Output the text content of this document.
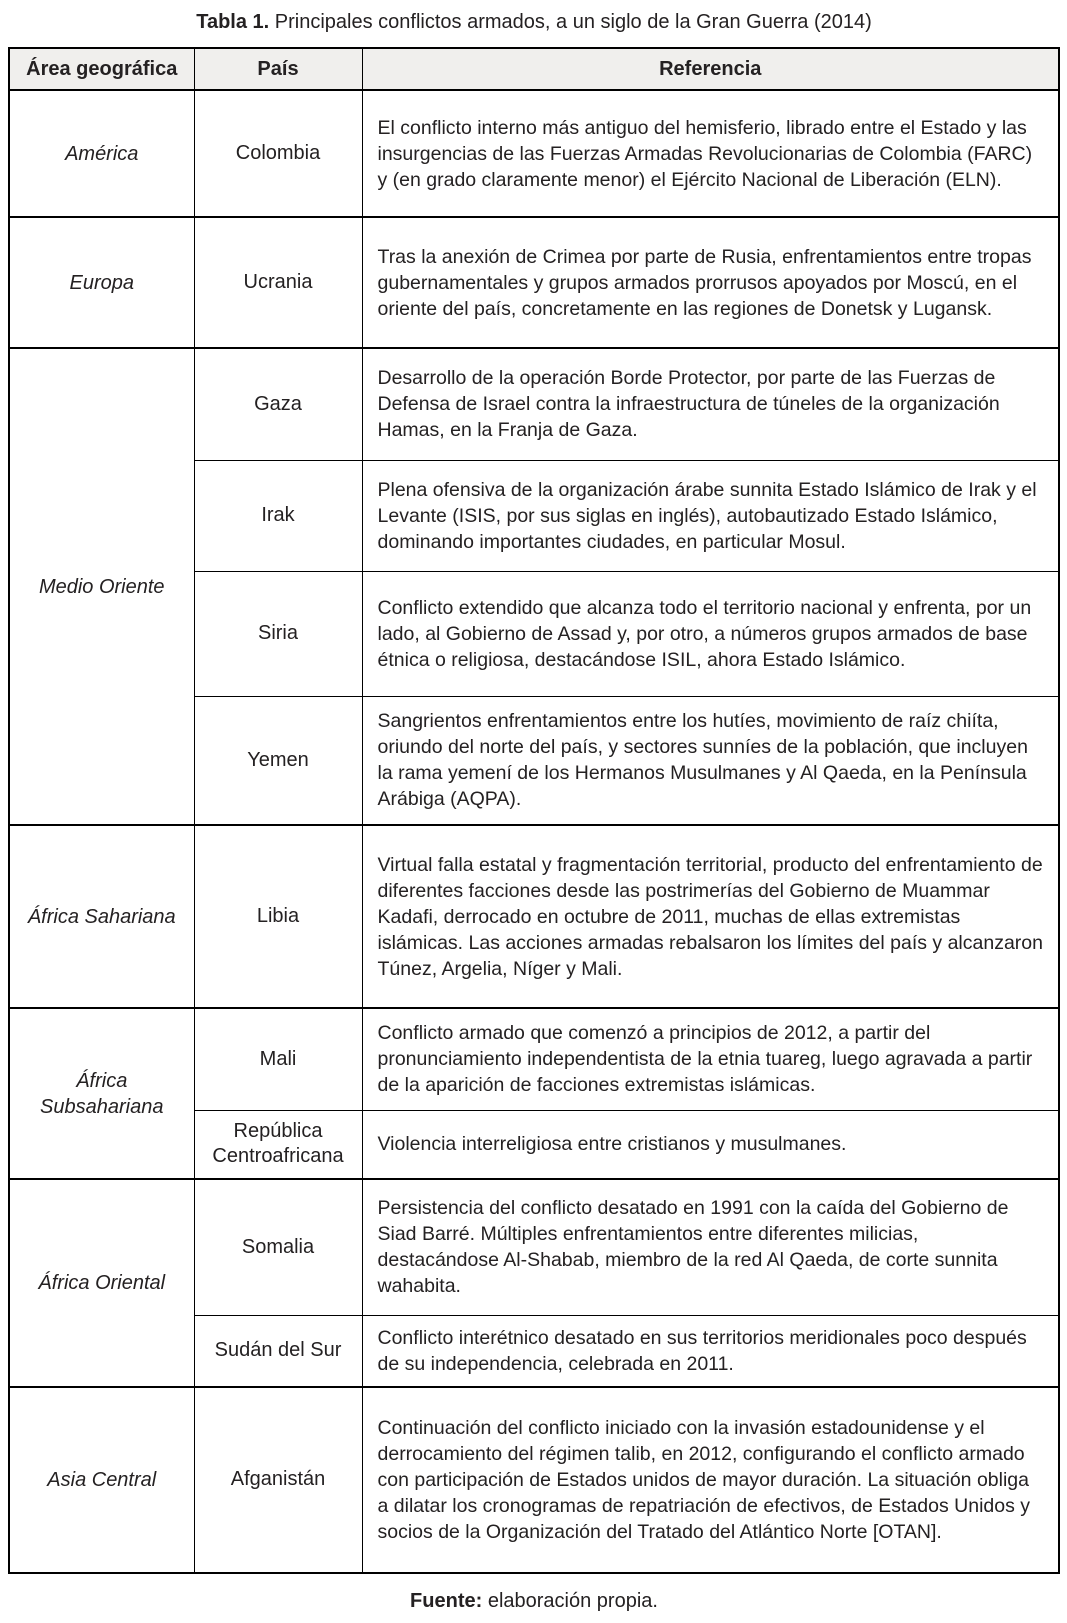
Tabla 1. Principales conflictos armados, a un siglo de la Gran Guerra (2014)
Área geográfica	País	Referencia
América	Colombia	El conflicto interno más antiguo del hemisferio, librado entre el Estado y las insurgencias de las Fuerzas Armadas Revolucionarias de Colombia (FARC) y (en grado claramente menor) el Ejército Nacional de Liberación (ELN).
Europa	Ucrania	Tras la anexión de Crimea por parte de Rusia, enfrentamientos entre tropas gubernamentales y grupos armados prorrusos apoyados por Moscú, en el oriente del país, concretamente en las regiones de Donetsk y Lugansk.
Medio Oriente	Gaza	Desarrollo de la operación Borde Protector, por parte de las Fuerzas de Defensa de Israel contra la infraestructura de túneles de la organización Hamas, en la Franja de Gaza.
	Irak	Plena ofensiva de la organización árabe sunnita Estado Islámico de Irak y el Levante (ISIS, por sus siglas en inglés), autobautizado Estado Islámico, dominando importantes ciudades, en particular Mosul.
	Siria	Conflicto extendido que alcanza todo el territorio nacional y enfrenta, por un lado, al Gobierno de Assad y, por otro, a números grupos armados de base étnica o religiosa, destacándose ISIL, ahora Estado Islámico.
	Yemen	Sangrientos enfrentamientos entre los hutíes, movimiento de raíz chiíta, oriundo del norte del país, y sectores sunníes de la población, que incluyen la rama yemení de los Hermanos Musulmanes y Al Qaeda, en la Península Arábiga (AQPA).
África Sahariana	Libia	Virtual falla estatal y fragmentación territorial, producto del enfrentamiento de diferentes facciones desde las postrimerías del Gobierno de Muammar Kadafi, derrocado en octubre de 2011, muchas de ellas extremistas islámicas. Las acciones armadas rebalsaron los límites del país y alcanzaron Túnez, Argelia, Níger y Mali.
África Subsahariana	Mali	Conflicto armado que comenzó a principios de 2012, a partir del pronunciamiento independentista de la etnia tuareg, luego agravada a partir de la aparición de facciones extremistas islámicas.
	República Centroafricana	Violencia interreligiosa entre cristianos y musulmanes.
África Oriental	Somalia	Persistencia del conflicto desatado en 1991 con la caída del Gobierno de Siad Barré. Múltiples enfrentamientos entre diferentes milicias, destacándose Al-Shabab, miembro de la red Al Qaeda, de corte sunnita wahabita.
	Sudán del Sur	Conflicto interétnico desatado en sus territorios meridionales poco después de su independencia, celebrada en 2011.
Asia Central	Afganistán	Continuación del conflicto iniciado con la invasión estadounidense y el derrocamiento del régimen talib, en 2012, configurando el conflicto armado con participación de Estados unidos de mayor duración. La situación obliga a dilatar los cronogramas de repatriación de efectivos, de Estados Unidos y socios de la Organización del Tratado del Atlántico Norte [OTAN].
Fuente: elaboración propia.
